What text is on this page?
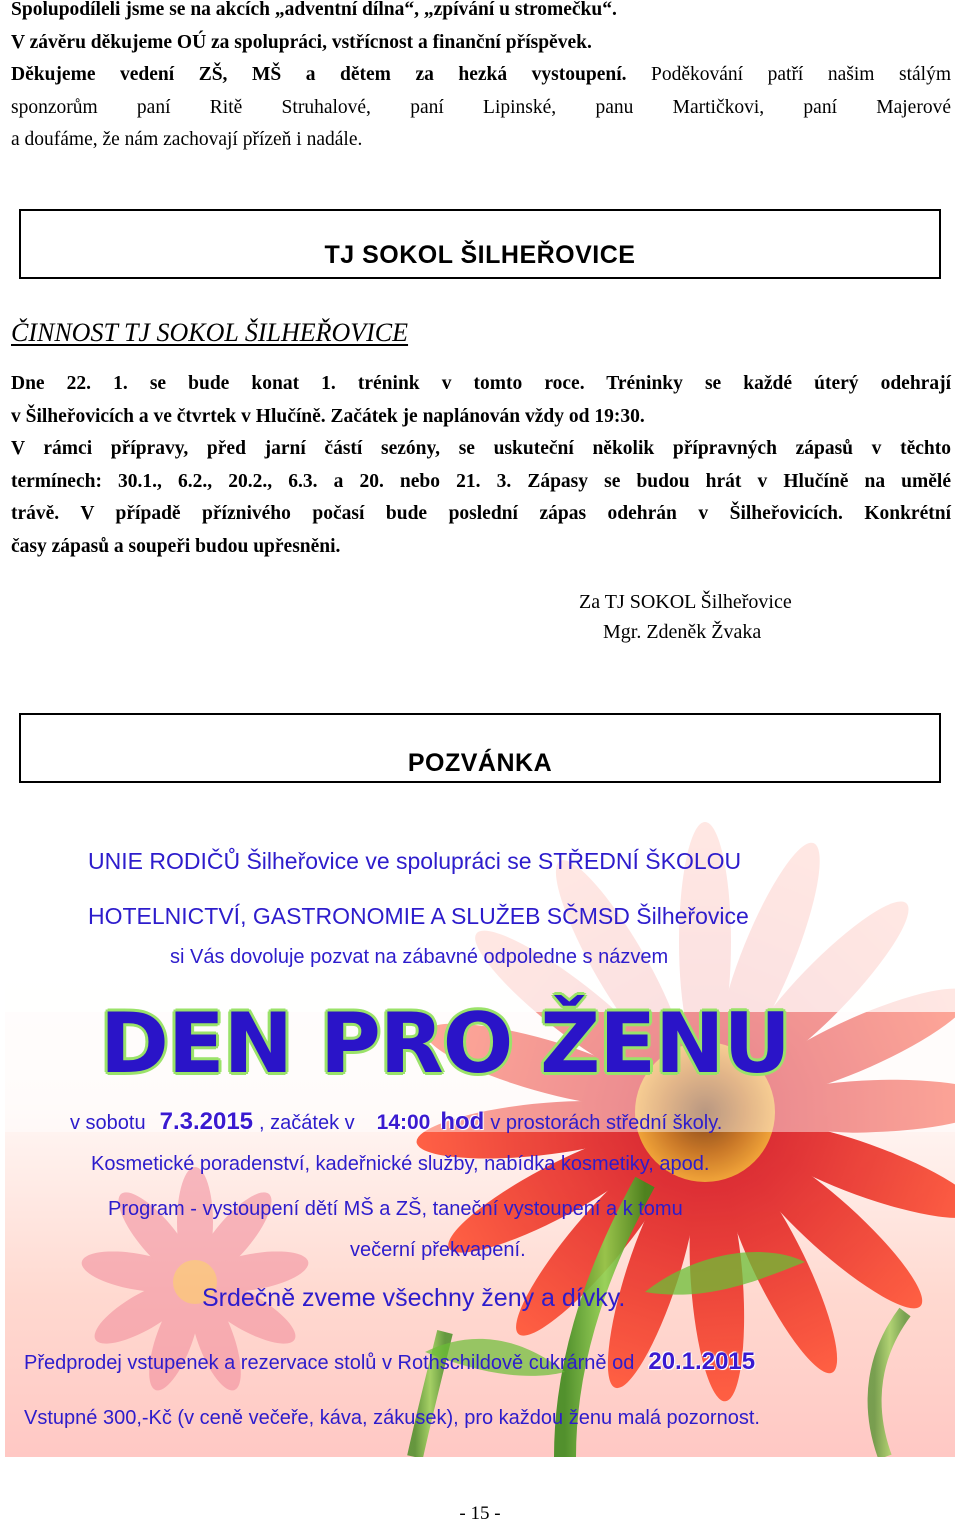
Spolupodíleli jsme se na akcích „adventní dílna“, „zpívání u stromečku“.

V závěru děkujeme OÚ za spolupráci, vstřícnost a finanční příspěvek.

Děkujeme vedení ZŠ, MŠ a dětem za hezká vystoupení. Poděkování patří našim stálým

sponzorům paní Ritě Struhalové, paní Lipinské, panu Martičkovi, paní Majerové

a doufáme, že nám zachovají přízeň i nadále.

TJ SOKOL ŠILHEŘOVICE
ČINNOST TJ SOKOL ŠILHEŘOVICE

Dne 22. 1. se bude konat 1. trénink v tomto roce. Tréninky se každé úterý odehrají

v Šilheřovicích a ve čtvrtek v Hlučíně. Začátek je naplánován vždy od 19:30.

V rámci přípravy, před jarní částí sezóny, se uskuteční několik přípravných zápasů v těchto

termínech: 30.1., 6.2., 20.2., 6.3. a 20. nebo 21. 3. Zápasy se budou hrát v Hlučíně na umělé

trávě. V případě příznivého počasí bude poslední zápas odehrán v Šilheřovicích. Konkrétní

časy zápasů a soupeři budou upřesněni.

Za TJ SOKOL Šilheřovice
Mgr. Zdeněk Žvaka
POZVÁNKA
UNIE RODIČŮ Šilheřovice ve spolupráci se STŘEDNÍ ŠKOLOU
HOTELNICTVÍ, GASTRONOMIE A SLUŽEB SČMSD Šilheřovice
si Vás dovoluje pozvat na zábavné odpoledne s názvem
DEN PRO ŽENU
v sobotu 7.3.2015 , začátek v 14:00 hod v prostorách střední školy.
Kosmetické poradenství, kadeřnické služby, nabídka kosmetiky, apod.
Program - vystoupení dětí MŠ a ZŠ, taneční vystoupení a k tomu
večerní překvapení.
Srdečně zveme všechny ženy a dívky.
Předprodej vstupenek a rezervace stolů v Rothschildově cukrárně od 20.1.2015
Vstupné 300,-Kč (v ceně večeře, káva, zákusek), pro každou ženu malá pozornost.
- 15 -
